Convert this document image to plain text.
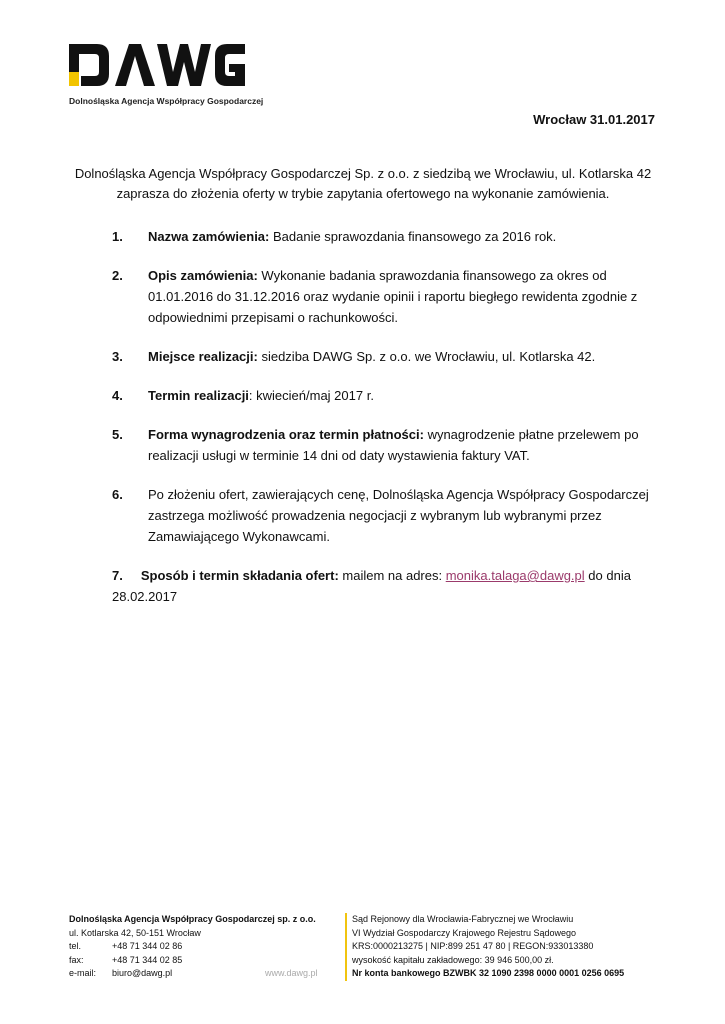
Dolnośląska Agencja Współpracy Gospodarczej
Wrocław 31.01.2017
Dolnośląska Agencja Współpracy Gospodarczej Sp. z o.o. z siedzibą we Wrocławiu, ul. Kotlarska 42 zaprasza do złożenia oferty w trybie zapytania ofertowego na wykonanie zamówienia.
1. Nazwa zamówienia: Badanie sprawozdania finansowego za 2016 rok.
2. Opis zamówienia: Wykonanie badania sprawozdania finansowego za okres od 01.01.2016 do 31.12.2016 oraz wydanie opinii i raportu biegłego rewidenta zgodnie z odpowiednimi przepisami o rachunkowości.
3. Miejsce realizacji: siedziba DAWG Sp. z o.o. we Wrocławiu, ul. Kotlarska 42.
4. Termin realizacji: kwiecień/maj 2017 r.
5. Forma wynagrodzenia oraz termin płatności: wynagrodzenie płatne przelewem po realizacji usługi w terminie 14 dni od daty wystawienia faktury VAT.
6. Po złożeniu ofert, zawierających cenę, Dolnośląska Agencja Współpracy Gospodarczej zastrzega możliwość prowadzenia negocjacji z wybranym lub wybranymi przez Zamawiającego Wykonawcami.
7. Sposób i termin składania ofert: mailem na adres: monika.talaga@dawg.pl do dnia 28.02.2017
Dolnośląska Agencja Współpracy Gospodarczej sp. z o.o.
ul. Kotlarska 42, 50-151 Wrocław
tel.	+48 71 344 02 86
fax:	+48 71 344 02 85
e-mail:	biuro@dawg.pl	www.dawg.pl
Sąd Rejonowy dla Wrocławia-Fabrycznej we Wrocławiu
VI Wydział Gospodarczy Krajowego Rejestru Sądowego
KRS:0000213275 | NIP:899 251 47 80 | REGON:933013380
wysokość kapitału zakładowego: 39 946 500,00 zł.
Nr konta bankowego BZWBK 32 1090 2398 0000 0001 0256 0695
